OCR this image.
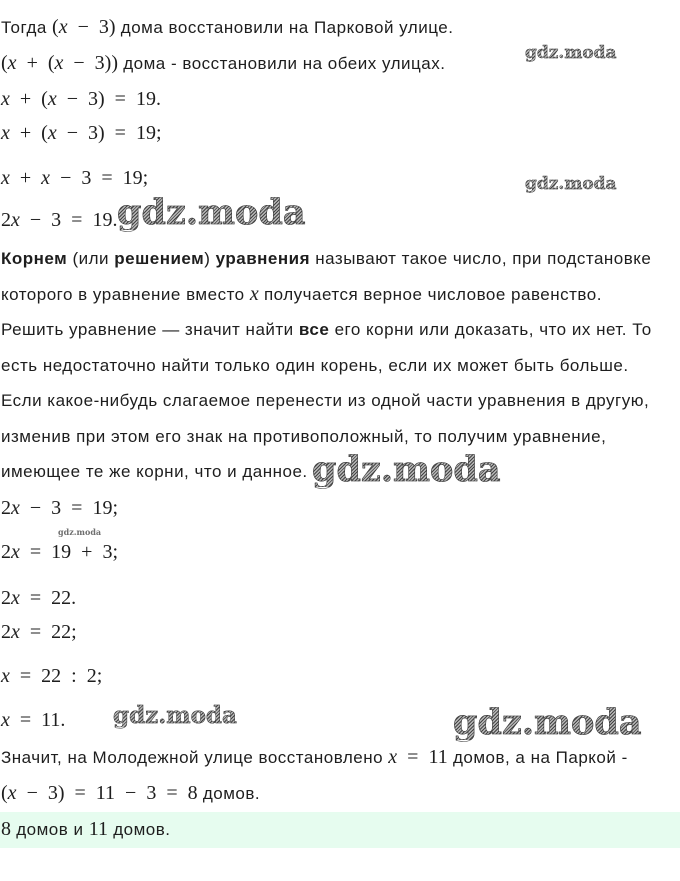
Тогда (x − 3) дома восстановили на Парковой улице.
(x + (x − 3)) дома - восстановили на обеих улицах.
x + (x − 3) = 19.
x + (x − 3) = 19;
x + x − 3 = 19;
2x − 3 = 19.
Корнем (или решением) уравнения называют такое число, при подстановке
которого в уравнение вместо x получается верное числовое равенство.
Решить уравнение — значит найти все его корни или доказать, что их нет. То
есть недостаточно найти только один корень, если их может быть больше.
Если какое-нибудь слагаемое перенести из одной части уравнения в другую,
изменив при этом его знак на противоположный, то получим уравнение,
имеющее те же корни, что и данное.
2x − 3 = 19;
2x = 19 + 3;
2x = 22.
2x = 22;
x = 22 : 2;
x = 11.
Значит, на Молодежной улице восстановлено x = 11 домов, а на Паркой -
(x − 3) = 11 − 3 = 8 домов.
8 домов и 11 домов.
gdz.moda
gdz.moda
gdz.moda
gdz.moda
gdz.moda
gdz.moda	gdz.moda
